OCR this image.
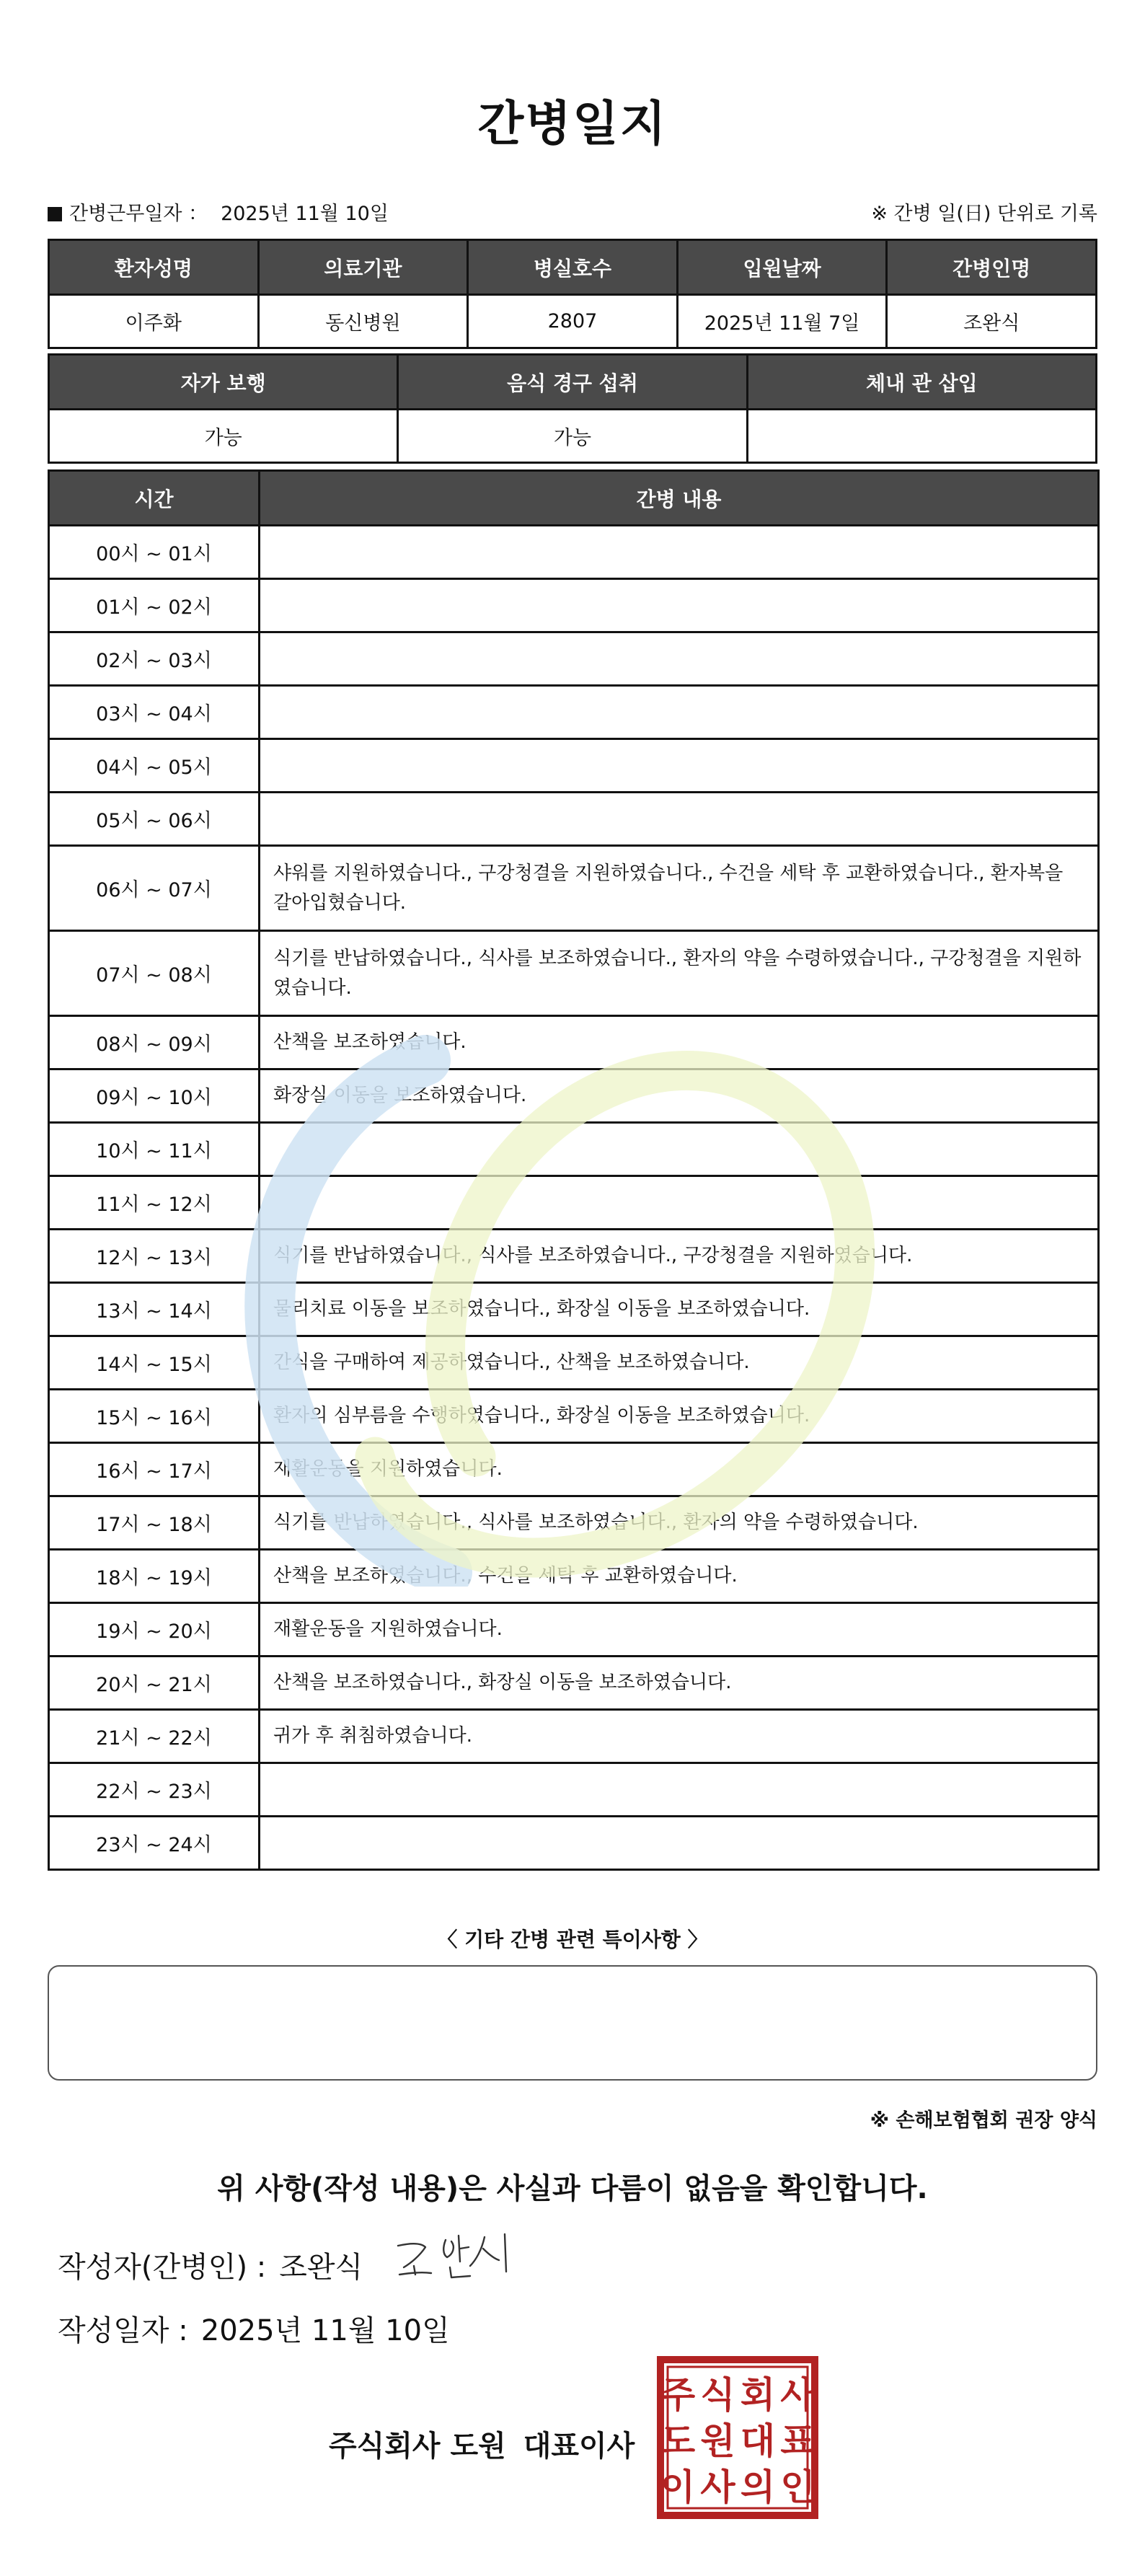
간병일지
간병근무일자 ： 2025년 11월 10일	※ 간병 일(日) 단위로 기록
환자성명	의료기관	병실호수	입원날짜	간병인명
이주화	동신병원	2807	2025년 11월 7일	조완식
자가 보행	음식 경구 섭취	체내 관 삽입
가능	가능	
시간	간병 내용
00시 ~ 01시	
01시 ~ 02시	
02시 ~ 03시	
03시 ~ 04시	
04시 ~ 05시	
05시 ~ 06시	
06시 ~ 07시	샤워를 지원하였습니다., 구강청결을 지원하였습니다., 수건을 세탁 후 교환하였습니다., 환자복을 갈아입혔습니다.
07시 ~ 08시	식기를 반납하였습니다., 식사를 보조하였습니다., 환자의 약을 수령하였습니다., 구강청결을 지원하였습니다.
08시 ~ 09시	산책을 보조하였습니다.
09시 ~ 10시	화장실 이동을 보조하였습니다.
10시 ~ 11시	
11시 ~ 12시	
12시 ~ 13시	식기를 반납하였습니다., 식사를 보조하였습니다., 구강청결을 지원하였습니다.
13시 ~ 14시	물리치료 이동을 보조하였습니다., 화장실 이동을 보조하였습니다.
14시 ~ 15시	간식을 구매하여 제공하였습니다., 산책을 보조하였습니다.
15시 ~ 16시	환자의 심부름을 수행하였습니다., 화장실 이동을 보조하였습니다.
16시 ~ 17시	재활운동을 지원하였습니다.
17시 ~ 18시	식기를 반납하였습니다., 식사를 보조하였습니다., 환자의 약을 수령하였습니다.
18시 ~ 19시	산책을 보조하였습니다., 수건을 세탁 후 교환하였습니다.
19시 ~ 20시	재활운동을 지원하였습니다.
20시 ~ 21시	산책을 보조하였습니다., 화장실 이동을 보조하였습니다.
21시 ~ 22시	귀가 후 취침하였습니다.
22시 ~ 23시	
23시 ~ 24시	
〈 기타 간병 관련 특이사항 〉
※ 손해보험협회 권장 양식
위 사항(작성 내용)은 사실과 다름이 없음을 확인합니다.
작성자(간병인) : 조완식
작성일자 : 2025년 11월 10일
주식회사 도원 대표이사
주 식 회 사
도 원 대 표
이 사 의 인
